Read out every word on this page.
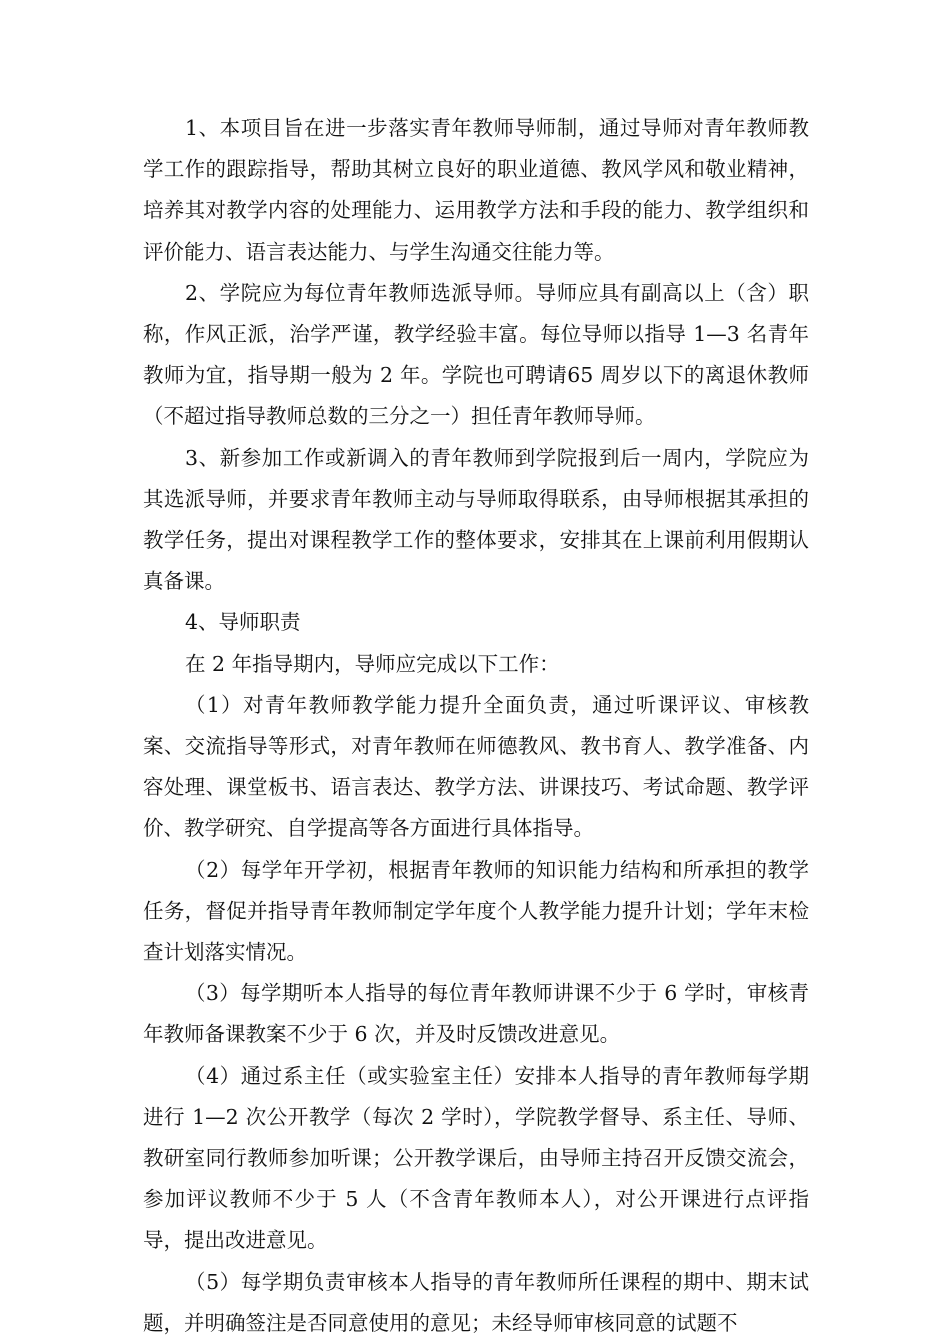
1、本项目旨在进一步落实青年教师导师制，通过导师对青年教师教学工作的跟踪指导，帮助其树立良好的职业道德、教风学风和敬业精神，培养其对教学内容的处理能力、运用教学方法和手段的能力、教学组织和评价能力、语言表达能力、与学生沟通交往能力等。

2、学院应为每位青年教师选派导师。导师应具有副高以上（含）职称，作风正派，治学严谨，教学经验丰富。每位导师以指导 1—3 名青年教师为宜，指导期一般为 2 年。学院也可聘请65 周岁以下的离退休教师（不超过指导教师总数的三分之一）担任青年教师导师。

3、新参加工作或新调入的青年教师到学院报到后一周内，学院应为其选派导师，并要求青年教师主动与导师取得联系，由导师根据其承担的教学任务，提出对课程教学工作的整体要求，安排其在上课前利用假期认真备课。

4、导师职责

在 2 年指导期内，导师应完成以下工作：

（1）对青年教师教学能力提升全面负责，通过听课评议、审核教案、交流指导等形式，对青年教师在师德教风、教书育人、教学准备、内容处理、课堂板书、语言表达、教学方法、讲课技巧、考试命题、教学评价、教学研究、自学提高等各方面进行具体指导。

（2）每学年开学初，根据青年教师的知识能力结构和所承担的教学任务，督促并指导青年教师制定学年度个人教学能力提升计划；学年末检查计划落实情况。

（3）每学期听本人指导的每位青年教师讲课不少于 6 学时，审核青年教师备课教案不少于 6 次，并及时反馈改进意见。

（4）通过系主任（或实验室主任）安排本人指导的青年教师每学期进行 1—2 次公开教学（每次 2 学时），学院教学督导、系主任、导师、教研室同行教师参加听课；公开教学课后，由导师主持召开反馈交流会，参加评议教师不少于 5 人（不含青年教师本人），对公开课进行点评指导，提出改进意见。

（5）每学期负责审核本人指导的青年教师所任课程的期中、期末试题，并明确签注是否同意使用的意见；未经导师审核同意的试题不
